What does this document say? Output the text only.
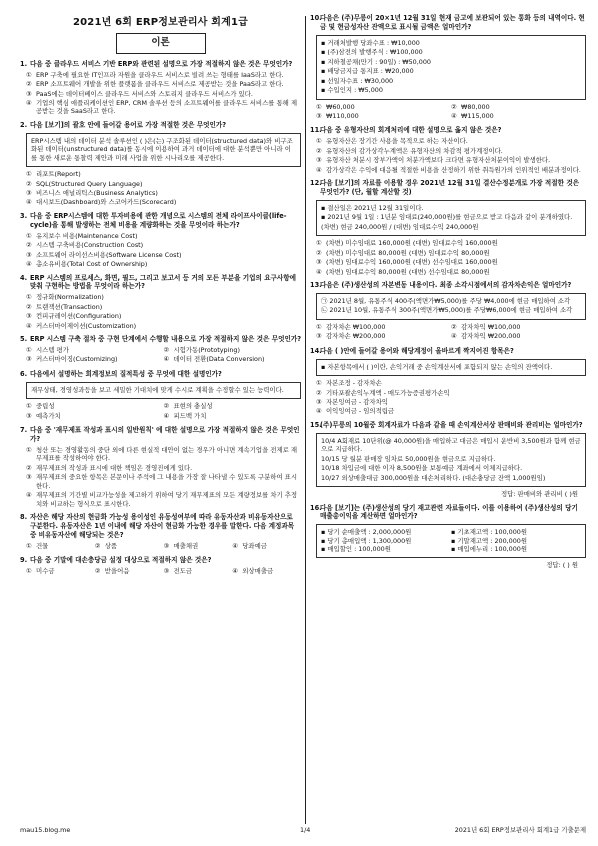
2021년 6회 ERP정보관리사 회계1급
이론
1. 다음 중 클라우드 서비스 기반 ERP와 관련된 설명으로 가장 적절하지 않은 것은 무엇인가?
① ERP 구축에 필요한 IT인프라 자원을 클라우드 서비스로 빌려 쓰는 형태를 IaaS라고 한다.
② ERP 소프트웨어 개발을 위한 플랫폼을 클라우드 서비스로 제공받는 것을 PaaS라고 한다.
③ PaaS에는 데이터베이스 클라우드 서비스와 스토리지 클라우드 서비스가 있다.
④ 기업의 핵심 애플리케이션인 ERP, CRM 솔루션 등의 소프트웨어를 클라우드 서비스를 통해 제공받는 것을 SaaS라고 한다.
2. 다음 [보기]의 괄호 안에 들어갈 용어로 가장 적절한 것은 무엇인가?
ERP시스템 내의 데이터 분석 솔루션인 ( )은(는) 구조화된 데이터(structured data)와 비구조화된 데이터(unstructured data)를 동시에 이용하여 과거 데이터에 대한 분석뿐만 아니라 이를 통한 새로운 통찰력 제안과 미래 사업을 위한 시나리오를 제공한다.
① 리포트(Report)
② SQL(Structured Query Language)
③ 비즈니스 애널리틱스(Business Analytics)
④ 대시보드(Dashboard)와 스코어카드(Scorecard)
3. 다음 중 ERP시스템에 대한 투자비용에 관한 개념으로 시스템의 전체 라이프사이클(life-cycle)을 통해 발생하는 전체 비용을 계량화하는 것을 무엇이라 하는가?
① 유지보수 비용(Maintenance Cost)
② 시스템 구축비용(Construction Cost)
③ 소프트웨어 라이선스비용(Software License Cost)
④ 총소유비용(Total Cost of Ownership)
4. ERP 시스템의 프로세스, 화면, 필드, 그리고 보고서 등 거의 모든 부분을 기업의 요구사항에 맞춰 구현하는 방법을 무엇이라 하는가?
① 정규화(Normalization)
② 트랜잭션(Transaction)
③ 컨피규레이션(Configuration)
④ 커스터마이제이션(Customization)
5. ERP 시스템 구축 절차 중 구현 단계에서 수행할 내용으로 가장 적절하지 않은 것은 무엇인가?
① 시스템 평가	② 시험가동(Prototyping)
③ 커스터마이징(Customizing)	④ 데이터 전환(Data Conversion)
6. 다음에서 설명하는 회계정보의 질적특성 중 무엇에 대한 설명인가?
재무상태, 경영성과등을 보고 세밀한 기대치에 맞게 수시로 계획을 수정할수 있는 능력이다.
① 중립성	② 표현의 충실성
③ 예측가치	④ 피드백 가치
7. 다음 중 '재무제표 작성과 표시의 일반원칙' 에 대한 설명으로 가장 적절하지 않은 것은 무엇인가?
① 청산 또는 경영활동의 중단 외에 다른 현실적 대안이 없는 경우가 아니면 계속기업을 전제로 재무제표를 작성하여야 한다.
② 재무제표의 작성과 표시에 대한 책임은 경영진에게 있다.
③ 재무제표의 중요한 항목은 본문이나 주석에 그 내용을 가장 잘 나타낼 수 있도록 구분하여 표시한다.
④ 재무제표의 기간별 비교가능성을 제고하기 위하여 당기 재무제표의 모든 계량정보를 차기 추정치와 비교하는 형식으로 표시한다.
8. 자산은 해당 자산의 현금화 가능성 용이성인 유동성여부에 따라 유동자산과 비유동자산으로 구분한다. 유동자산은 1년 이내에 해당 자산이 현금화 가능한 경우를 말한다. 다음 계정과목 중 비유동자산에 해당되는 것은?
① 건물	② 상품	③ 매출채권	④ 당좌예금
9. 다음 중 기말에 대손충당금 설정 대상으로 적절하지 않은 것은?
① 미수금	② 받을어음	③ 전도금	④ 외상매출금
10.다음은 (주)무릉이 20×1년 12월 31일 현재 금고에 보관되어 있는 통화 등의 내역이다. 현금 및 현금성자산 잔액으로 표시될 금액은 얼마인가?
▪ 거래처발행 당좌수표 : ₩10,000
▪ (주)삼전의 발행주식 : ₩100,000
▪ 지하철공채(만기 : 90일) : ₩50,000
▪ 배당금지급 통지표 : ₩20,000
▪ 선일자수표 : ₩30,000
▪ 수입인지 : ₩5,000
① ₩60,000	② ₩80,000
③ ₩110,000	④ ₩115,000
11.다음 중 유형자산의 회계처리에 대한 설명으로 옳지 않은 것은?
① 유형자산은 장기간 사용을 목적으로 하는 자산이다.
② 유형자산의 감가상각누계액은 유형자산의 차감적 평가계정이다.
③ 유형자산 처분시 장부가액이 처분가액보다 크다면 유형자산처분이익이 발생한다.
④ 감가상각은 수익에 대응될 적절한 비용을 산정하기 위한 취득원가의 인위적인 배분과정이다.
12.다음 [보기]의 자료를 이용할 경우 2021년 12월 31일 결산수정분개로 가장 적절한 것은 무엇인가? (단, 월할 계산할 것)
▪ 결산일은 2021년 12월 31일이다.
▪ 2021년 9월 1일 : 1년분 임대료(240,000원)를 현금으로 받고 다음과 같이 분개하였다.
(차변) 현금 240,000원 / (대변) 임대료수익 240,000원
① (차변) 미수임대료 160,000원 (대변) 임대료수익 160,000원
② (차변) 미수임대료 80,000원 (대변) 임대료수익 80,000원
③ (차변) 임대료수익 160,000원 (대변) 선수임대료 160,000원
④ (차변) 임대료수익 80,000원 (대변) 선수임대료 80,000원
13.다음은 (주)생산성의 자본변동 내용이다. 최종 소각시점에서의 감자차손익은 얼마인가?
㉠ 2021년 8월, 유통주식 400주(액면가₩5,000)를 주당 ₩4,000에 현금 매입하여 소각
㉡ 2021년 10월, 유통주식 300주(액면가₩5,000)를 주당₩6,000에 현금 매입하여 소각
① 감자차손 ₩100,000	② 감자차익 ₩100,000
③ 감자차손 ₩200,000	④ 감자차익 ₩200,000
14.다음 ( )안에 들어갈 용어와 해당계정이 올바르게 짝지어진 항목은?
▪ 자본항목에서 ( )이란, 손익거래 중 손익계산서에 포함되지 않는 손익의 잔액이다.
① 자본조정 - 감자차손
② 기타포괄손익누계액 - 매도가능증권평가손익
③ 자본잉여금 - 감자차익
④ 이익잉여금 - 임의적립금
15.(주)무릉의 10월중 회계자료가 다음과 같을 때 손익계산서상 판매비와 관리비는 얼마인가?
10/4 A회재료 10단위(@ 40,000원)을 매입하고 대금은 매입시 운반비 3,500원과 함께 현금으로 지급하다.
10/15 당 월분 판매장 임차료 50,000원을 현금으로 지급하다.
10/18 차입금에 대한 이자 8,500원을 보통예금 계좌에서 이체지급하다.
10/27 외상매출대금 300,000원을 대손처리하다. (대손충당금 잔액 1,000원임)
정답: 판매비와 관리비 ( )원
16.다음 [보기]는 (주)생산성의 당기 재고관련 자료들이다. 이를 이용하여 (주)생산성의 당기 매출총이익을 계산하면 얼마인가?
▪ 당기 순매출액 : 2,000,000원	▪ 기초재고액 : 100,000원
▪ 당기 총매입액 : 1,300,000원	▪ 기말재고액 : 200,000원
▪ 매입할인 : 100,000원	▪ 매입에누리 : 100,000원
정답: ( ) 원
mau15.blog.me	1/4	2021년 6회 ERP정보관리사 회계1급 기출문제
